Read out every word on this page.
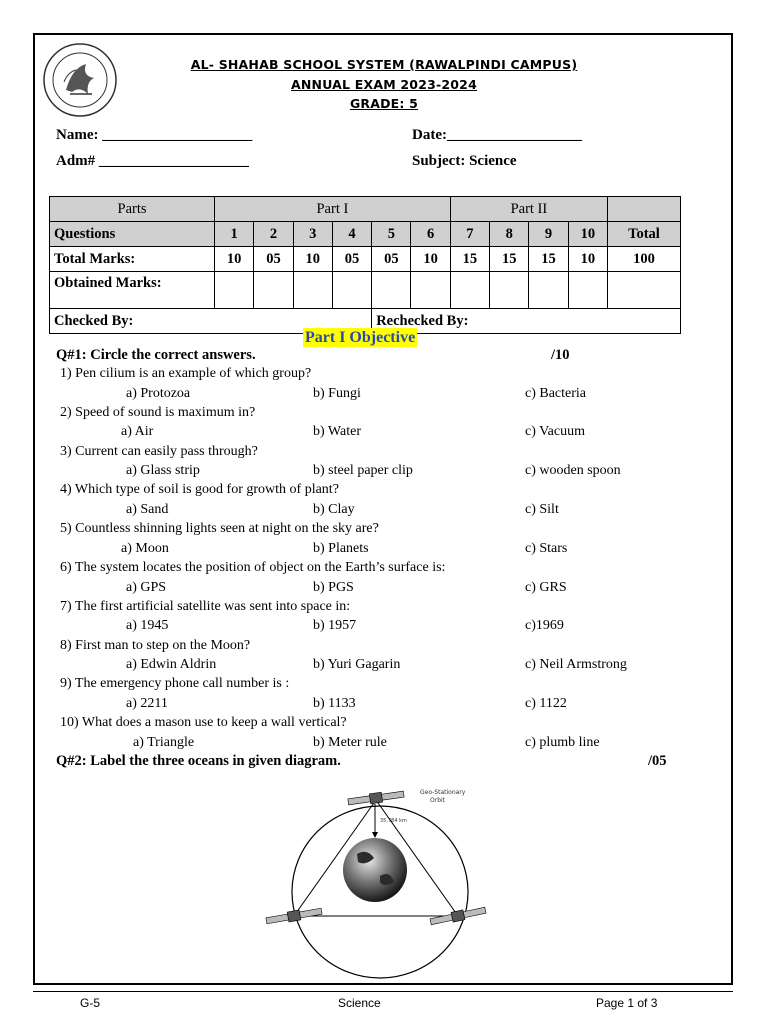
AL- SHAHAB SCHOOL SYSTEM (RAWALPINDI CAMPUS)
ANNUAL EXAM 2023-2024
GRADE: 5
Name: ____________________	Date:__________________
Adm# ____________________	Subject: Science
Parts	Part I						Part II				
Questions	1	2	3	4	5	6	7	8	9	10	Total
Total Marks:	10	05	10	05	05	10	15	15	15	10	100
Obtained Marks:											
Checked By:					Rechecked By:						
Part I Objective
Q#1: Circle the correct answers.	/10
1) Pen cilium is an example of which group?
a) Protozoa	b) Fungi	c) Bacteria
2) Speed of sound is maximum in?
a) Air	b) Water	c) Vacuum
3) Current can easily pass through?
a) Glass strip	b) steel paper clip	c) wooden spoon
4) Which type of soil is good for growth of plant?
a) Sand	b) Clay	c) Silt
5) Countless shinning lights seen at night on the sky are?
a) Moon	b) Planets	c) Stars
6) The system locates the position of object on the Earth’s surface is:
a) GPS	b) PGS	c) GRS
7) The first artificial satellite was sent into space in:
a) 1945	b) 1957	c)1969
8) First man to step on the Moon?
a) Edwin Aldrin	b) Yuri Gagarin	c) Neil Armstrong
9) The emergency phone call number is :
a) 2211	b) 1133	c) 1122
10) What does a mason use to keep a wall vertical?
a) Triangle	b) Meter rule	c) plumb line
Q#2: Label the three oceans in given diagram.	/05
35,784 km
Geo-Stationary
Orbit
G-5	Science	Page 1 of 3
